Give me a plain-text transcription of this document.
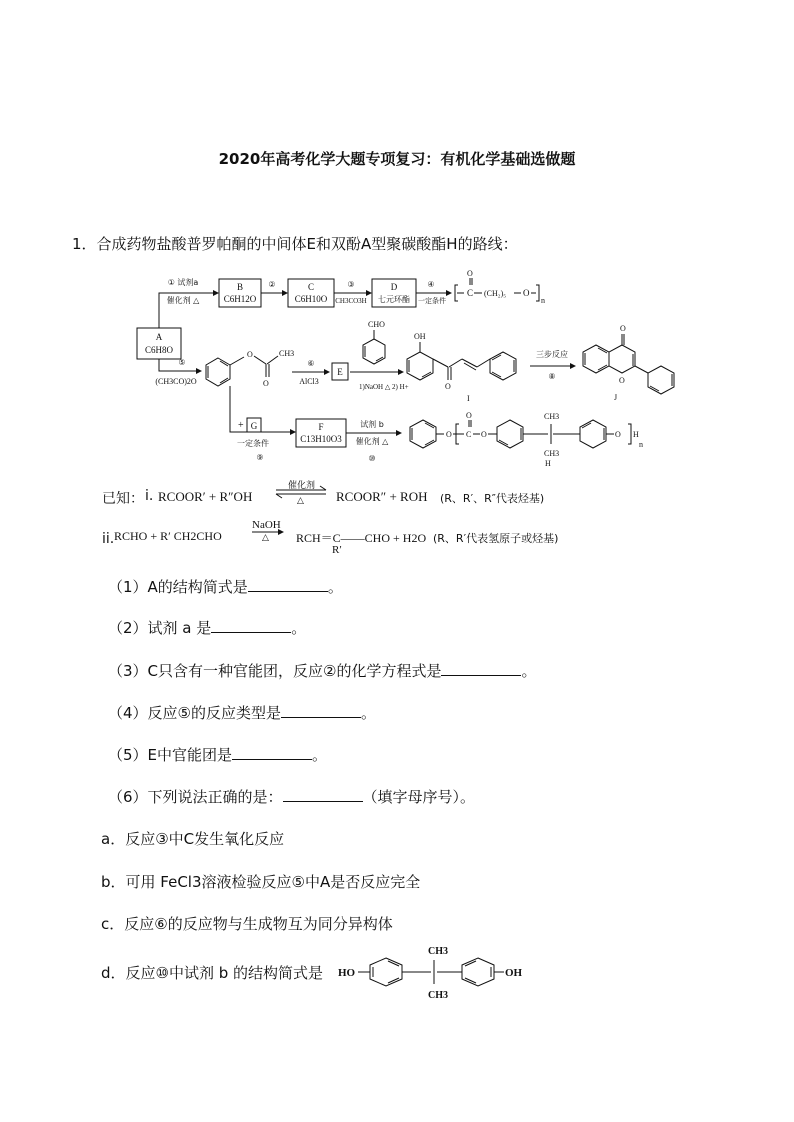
2020年高考化学大题专项复习：有机化学基础选做题
1．合成药物盐酸普罗帕酮的中间体E和双酚A型聚碳酸酯H的路线：
A
C6H8O
① 试剂a
催化剂 △
B
C6H12O
②	C
C6H10O
③
CH3CO3H
D
七元环酯
④
一定条件
C
O
(CH₂)₅ O
n
⑤
(CH3CO)2O
O
O
CH3
⑥
AlCl3
E
1)NaOH △ 2) H+
CHO
OH
O
I
三步反应
⑧
O
O
J
+ G
一定条件
⑨
F
C13H10O3
试剂 b
催化剂 △
⑩
O C
O
O
CH3
CH3
O H
n
H
已知： i. RCOOR′ + R″OH
催化剂
△ RCOOR″ + ROH (R、R′、R″代表烃基)
ii. RCHO + R′ CH2CHO
NaOH
△ RCH＝C——CHO + H2O
R′
(R、R′代表氢原子或烃基)
（1）A的结构简式是	。
（2）试剂 a 是	。
（3）C只含有一种官能团，反应②的化学方程式是	。
（4）反应⑤的反应类型是	。
（5）E中官能团是	。
（6）下列说法正确的是：	（填字母序号）。
a．反应③中C发生氧化反应
b．可用 FeCl3溶液检验反应⑤中A是否反应完全
c．反应⑥的反应物与生成物互为同分异构体
d．反应⑩中试剂 b 的结构简式是 HO
CH3
CH3
OH
